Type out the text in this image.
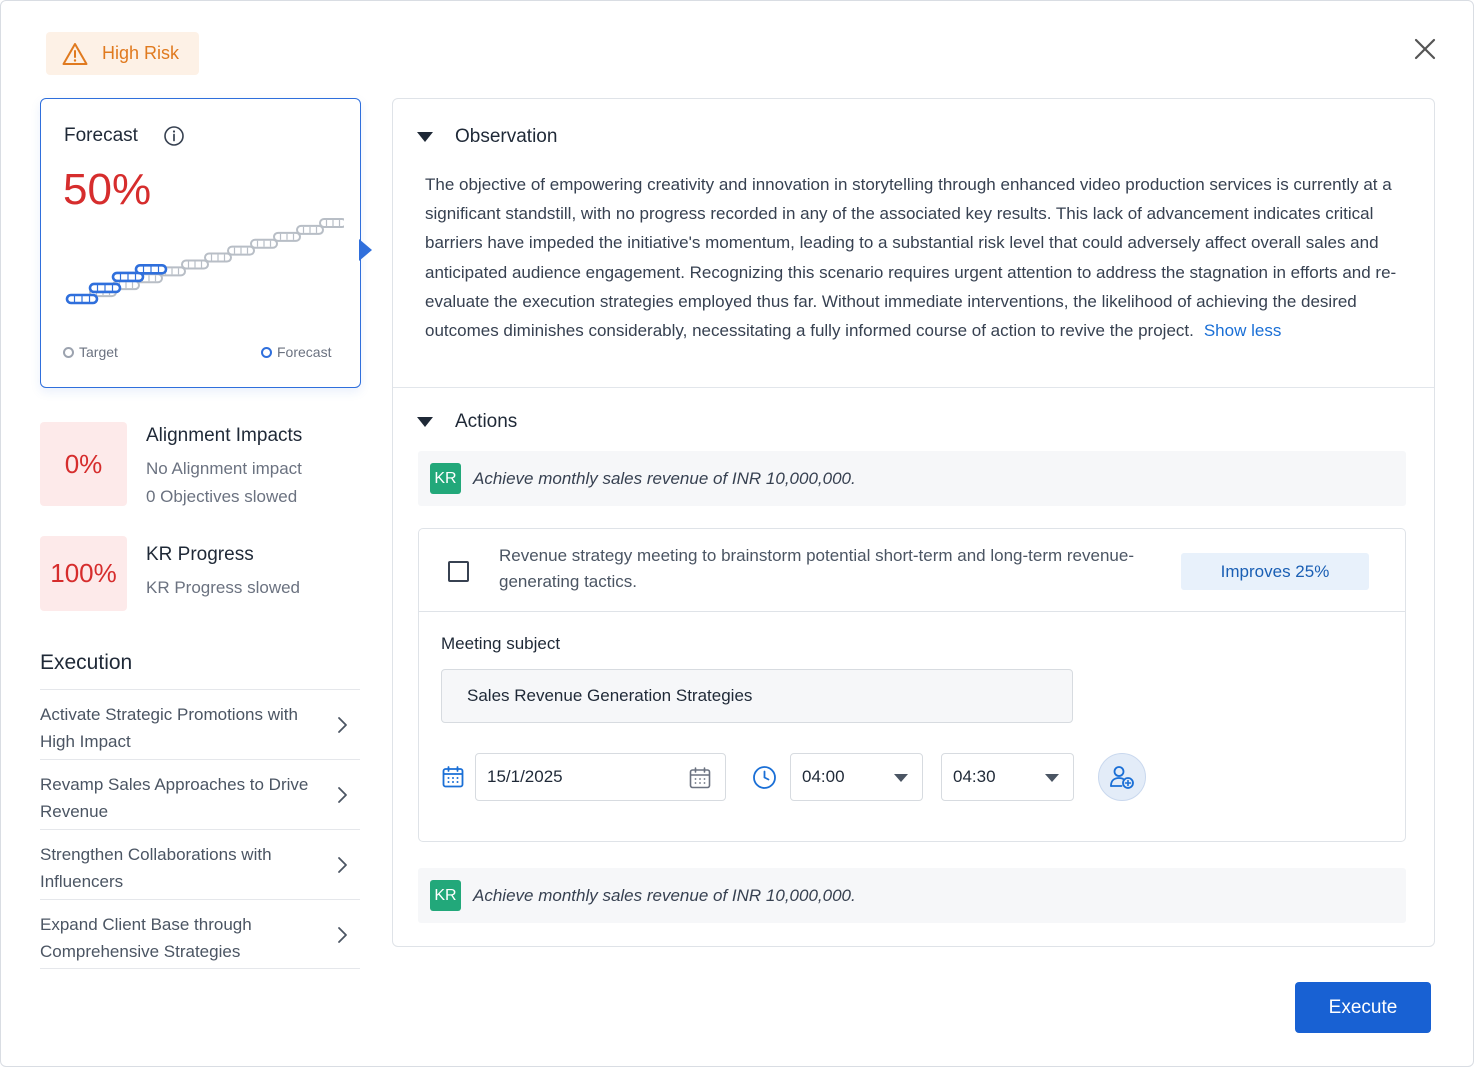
High Risk
Forecast
50%
Target	Forecast
0%
Alignment Impacts
No Alignment impact
0 Objectives slowed
100%
KR Progress
KR Progress slowed
Execution
Activate Strategic Promotions with High Impact
Revamp Sales Approaches to Drive Revenue
Strengthen Collaborations with Influencers
Expand Client Base through Comprehensive Strategies
Observation
The objective of empowering creativity and innovation in storytelling through enhanced video production services is currently at a significant standstill, with no progress recorded in any of the associated key results. This lack of advancement indicates critical barriers have impeded the initiative's momentum, leading to a substantial risk level that could adversely affect overall sales and anticipated audience engagement. Recognizing this scenario requires urgent attention to address the stagnation in efforts and re-evaluate the execution strategies employed thus far. Without immediate interventions, the likelihood of achieving the desired outcomes diminishes considerably, necessitating a fully informed course of action to revive the project. Show less
Actions
KR Achieve monthly sales revenue of INR 10,000,000.
Revenue strategy meeting to brainstorm potential short-term and long-term revenue-generating tactics.
Improves 25%
Meeting subject
Sales Revenue Generation Strategies
15/1/2025	04:00	04:30
KR Achieve monthly sales revenue of INR 10,000,000.
Execute
